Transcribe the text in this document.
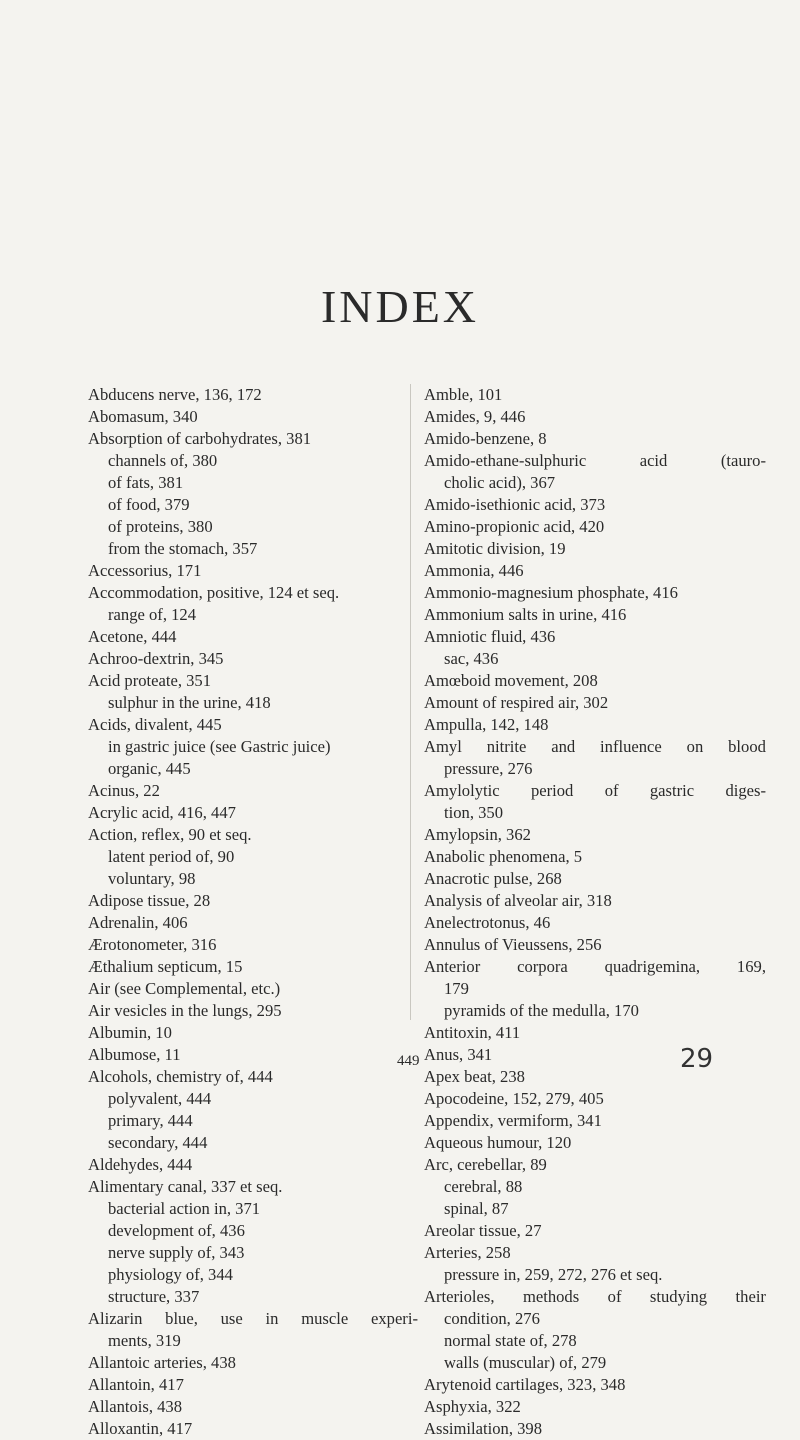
INDEX
Abducens nerve, 136, 172
Abomasum, 340
Absorption of carbohydrates, 381
channels of, 380
of fats, 381
of food, 379
of proteins, 380
from the stomach, 357
Accessorius, 171
Accommodation, positive, 124 et seq.
range of, 124
Acetone, 444
Achroo-dextrin, 345
Acid proteate, 351
sulphur in the urine, 418
Acids, divalent, 445
in gastric juice (see Gastric juice)
organic, 445
Acinus, 22
Acrylic acid, 416, 447
Action, reflex, 90 et seq.
latent period of, 90
voluntary, 98
Adipose tissue, 28
Adrenalin, 406
Ærotonometer, 316
Æthalium septicum, 15
Air (see Complemental, etc.)
Air vesicles in the lungs, 295
Albumin, 10
Albumose, 11
Alcohols, chemistry of, 444
polyvalent, 444
primary, 444
secondary, 444
Aldehydes, 444
Alimentary canal, 337 et seq.
bacterial action in, 371
development of, 436
nerve supply of, 343
physiology of, 344
structure, 337
Alizarin blue, use in muscle experi-
ments, 319
Allantoic arteries, 438
Allantoin, 417
Allantois, 438
Alloxantin, 417
Amble, 101
Amides, 9, 446
Amido-benzene, 8
Amido-ethane-sulphuric	acid	(tauro-
cholic acid), 367
Amido-isethionic acid, 373
Amino-propionic acid, 420
Amitotic division, 19
Ammonia, 446
Ammonio-magnesium phosphate, 416
Ammonium salts in urine, 416
Amniotic fluid, 436
sac, 436
Amœboid movement, 208
Amount of respired air, 302
Ampulla, 142, 148
Amyl nitrite and influence on blood
pressure, 276
Amylolytic period of gastric diges-
tion, 350
Amylopsin, 362
Anabolic phenomena, 5
Anacrotic pulse, 268
Analysis of alveolar air, 318
Anelectrotonus, 46
Annulus of Vieussens, 256
Anterior corpora quadrigemina, 169,
179
pyramids of the medulla, 170
Antitoxin, 411
Anus, 341
Apex beat, 238
Apocodeine, 152, 279, 405
Appendix, vermiform, 341
Aqueous humour, 120
Arc, cerebellar, 89
cerebral, 88
spinal, 87
Areolar tissue, 27
Arteries, 258
pressure in, 259, 272, 276 et seq.
Arterioles, methods of studying their
condition, 276
normal state of, 278
walls (muscular) of, 279
Arytenoid cartilages, 323, 348
Asphyxia, 322
Assimilation, 398
449	29
